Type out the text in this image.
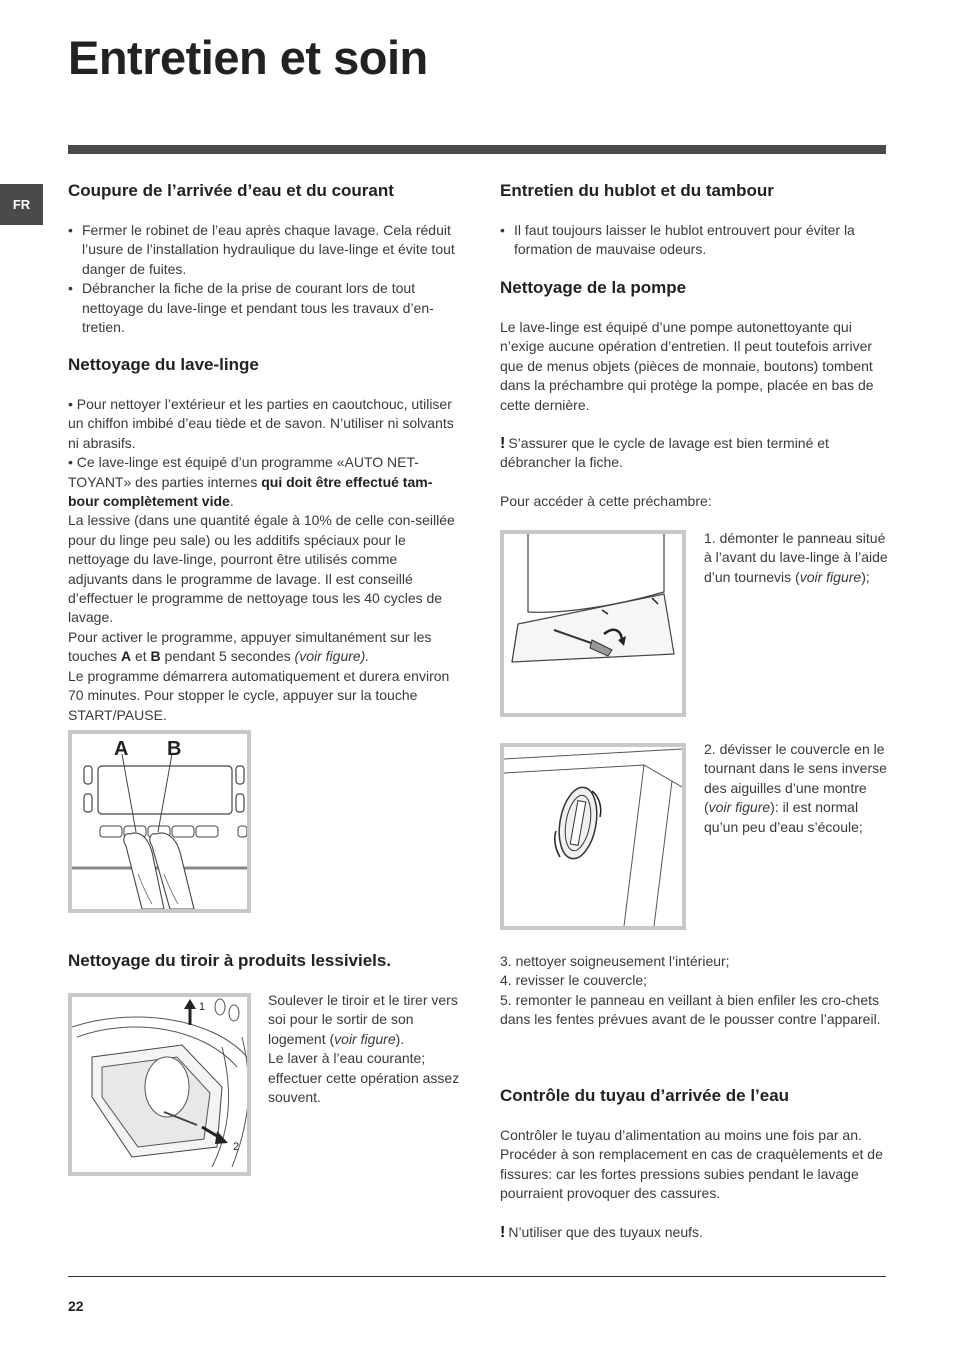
Entretien et soin
FR
Coupure de l’arrivée d’eau et du courant

• Fermer le robinet de l’eau après chaque lavage. Cela réduit l’usure de l’installation hydraulique du lave-linge et évite tout danger de fuites.

• Débrancher la fiche de la prise de courant lors de tout nettoyage du lave-linge et pendant tous les travaux d’en-tretien.

Nettoyage du lave-linge

• Pour nettoyer l’extérieur et les parties en caoutchouc, utiliser un chiffon imbibé d’eau tiède et de savon. N’utiliser ni solvants ni abrasifs.

• Ce lave-linge est équipé d’un programme «AUTO NET-TOYANT» des parties internes qui doit être effectué tam-bour complètement vide.

La lessive (dans une quantité égale à 10% de celle con-seillée pour du linge peu sale) ou les additifs spéciaux pour le nettoyage du lave-linge, pourront être utilisés comme adjuvants dans le programme de lavage. Il est conseillé d’effectuer le programme de nettoyage tous les 40 cycles de lavage.

Pour activer le programme, appuyer simultanément sur les touches A et B pendant 5 secondes (voir figure).

Le programme démarrera automatiquement et durera environ 70 minutes. Pour stopper le cycle, appuyer sur la touche START/PAUSE.

A B
Nettoyage du tiroir à produits lessiviels.
1
2

Soulever le tiroir et le tirer vers soi pour le sortir de son logement (voir figure).

Le laver à l’eau courante; effectuer cette opération assez souvent.

Entretien du hublot et du tambour

• Il faut toujours laisser le hublot entrouvert pour éviter la formation de mauvaise odeurs.

Nettoyage de la pompe

Le lave-linge est équipé d’une pompe autonettoyante qui n’exige aucune opération d’entretien. Il peut toutefois arriver que de menus objets (pièces de monnaie, boutons) tombent dans la préchambre qui protège la pompe, placée en bas de cette dernière.

! S’assurer que le cycle de lavage est bien terminé et débrancher la fiche.

Pour accéder à cette préchambre:

1. démonter le panneau situé à l’avant du lave-linge à l’aide d’un tournevis (voir figure);

2. dévisser le couvercle en le tournant dans le sens inverse des aiguilles d’une montre (voir figure): il est normal qu’un peu d’eau s’écoule;

3. nettoyer soigneusement l’intérieur;

4. revisser le couvercle;

5. remonter le panneau en veillant à bien enfiler les cro-chets dans les fentes prévues avant de le pousser contre l’appareil.

Contrôle du tuyau d’arrivée de l’eau

Contrôler le tuyau d’alimentation au moins une fois par an. Procéder à son remplacement en cas de craquèlements et de fissures: car les fortes pressions subies pendant le lavage pourraient provoquer des cassures.

! N’utiliser que des tuyaux neufs.

22
